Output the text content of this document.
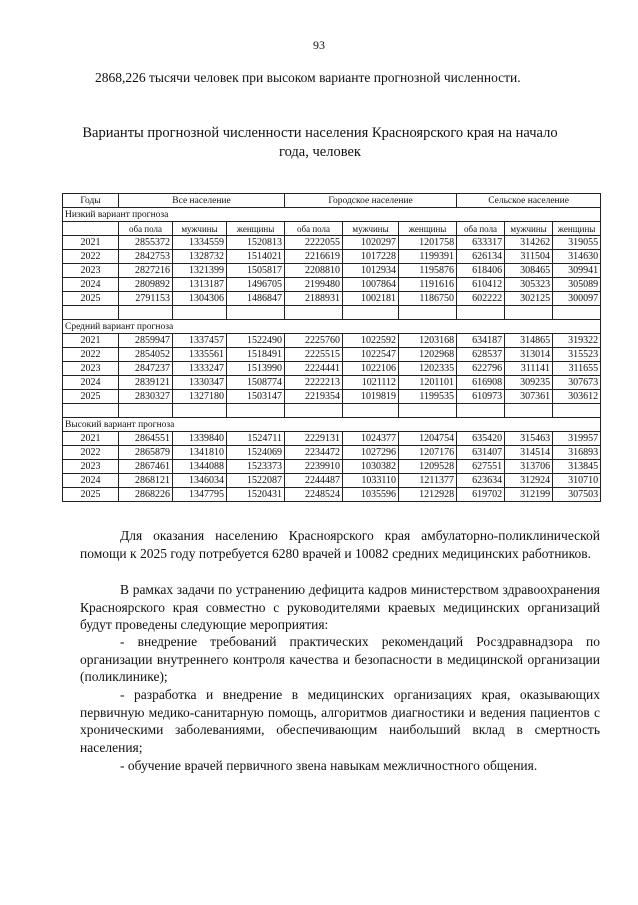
93
2868,226 тысячи человек при высоком варианте прогнозной численности.
Варианты прогнозной численности населения Красноярского края на начало года, человек
Годы	Все население			Городское население			Сельское население		
Низкий вариант прогноза									
	оба пола	мужчины	женщины	оба пола	мужчины	женщины	оба пола	мужчины	женщины
2021	2855372	1334559	1520813	2222055	1020297	1201758	633317	314262	319055
2022	2842753	1328732	1514021	2216619	1017228	1199391	626134	311504	314630
2023	2827216	1321399	1505817	2208810	1012934	1195876	618406	308465	309941
2024	2809892	1313187	1496705	2199480	1007864	1191616	610412	305323	305089
2025	2791153	1304306	1486847	2188931	1002181	1186750	602222	302125	300097

Средний вариант прогноза									
2021	2859947	1337457	1522490	2225760	1022592	1203168	634187	314865	319322
2022	2854052	1335561	1518491	2225515	1022547	1202968	628537	313014	315523
2023	2847237	1333247	1513990	2224441	1022106	1202335	622796	311141	311655
2024	2839121	1330347	1508774	2222213	1021112	1201101	616908	309235	307673
2025	2830327	1327180	1503147	2219354	1019819	1199535	610973	307361	303612

Высокий вариант прогноза									
2021	2864551	1339840	1524711	2229131	1024377	1204754	635420	315463	319957
2022	2865879	1341810	1524069	2234472	1027296	1207176	631407	314514	316893
2023	2867461	1344088	1523373	2239910	1030382	1209528	627551	313706	313845
2024	2868121	1346034	1522087	2244487	1033110	1211377	623634	312924	310710
2025	2868226	1347795	1520431	2248524	1035596	1212928	619702	312199	307503
Для оказания населению Красноярского края амбулаторно-поликлинической помощи к 2025 году потребуется 6280 врачей и 10082 средних медицинских работников.
В рамках задачи по устранению дефицита кадров министерством здравоохранения Красноярского края совместно с руководителями краевых медицинских организаций будут проведены следующие мероприятия:
- внедрение требований практических рекомендаций Росздравнадзора по организации внутреннего контроля качества и безопасности в медицинской организации (поликлинике);
- разработка и внедрение в медицинских организациях края, оказывающих первичную медико-санитарную помощь, алгоритмов диагностики и ведения пациентов с хроническими заболеваниями, обеспечивающим наибольший вклад в смертность населения;
- обучение врачей первичного звена навыкам межличностного общения.
